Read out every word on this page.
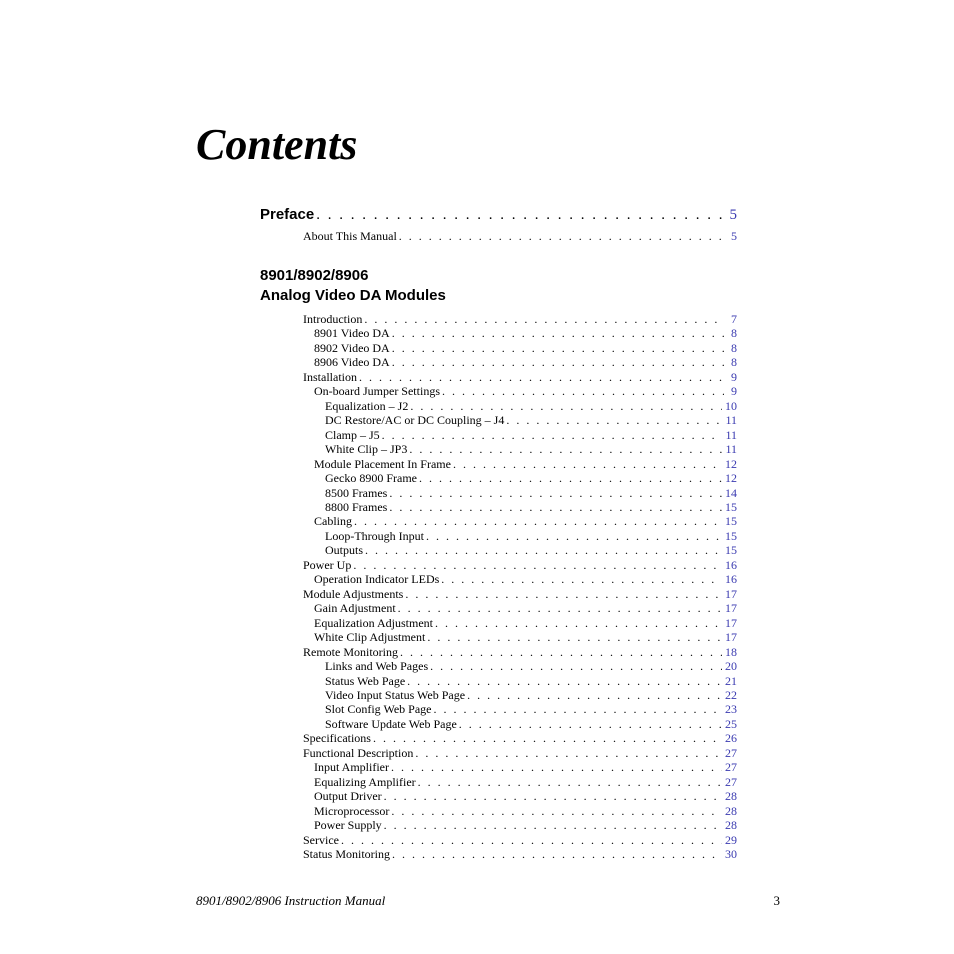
Contents
Preface . . .	5
About This Manual . . .	5
8901/8902/8906
Analog Video DA Modules
Introduction . . .	7
8901 Video DA . . .	8
8902 Video DA . . .	8
8906 Video DA . . .	8
Installation . . .	9
On-board Jumper Settings . . .	9
Equalization – J2 . . .	10
DC Restore/AC or DC Coupling – J4 . . .	11
Clamp – J5 . . .	11
White Clip – JP3 . . .	11
Module Placement In Frame . . .	12
Gecko 8900 Frame . . .	12
8500 Frames . . .	14
8800 Frames . . .	15
Cabling . . .	15
Loop-Through Input . . .	15
Outputs . . .	15
Power Up . . .	16
Operation Indicator LEDs . . .	16
Module Adjustments . . .	17
Gain Adjustment . . .	17
Equalization Adjustment . . .	17
White Clip Adjustment . . .	17
Remote Monitoring . . .	18
Links and Web Pages . . .	20
Status Web Page . . .	21
Video Input Status Web Page . . .	22
Slot Config Web Page . . .	23
Software Update Web Page . . .	25
Specifications . . .	26
Functional Description . . .	27
Input Amplifier . . .	27
Equalizing Amplifier . . .	27
Output Driver . . .	28
Microprocessor . . .	28
Power Supply . . .	28
Service . . .	29
Status Monitoring . . .	30
8901/8902/8906 Instruction Manual	3
